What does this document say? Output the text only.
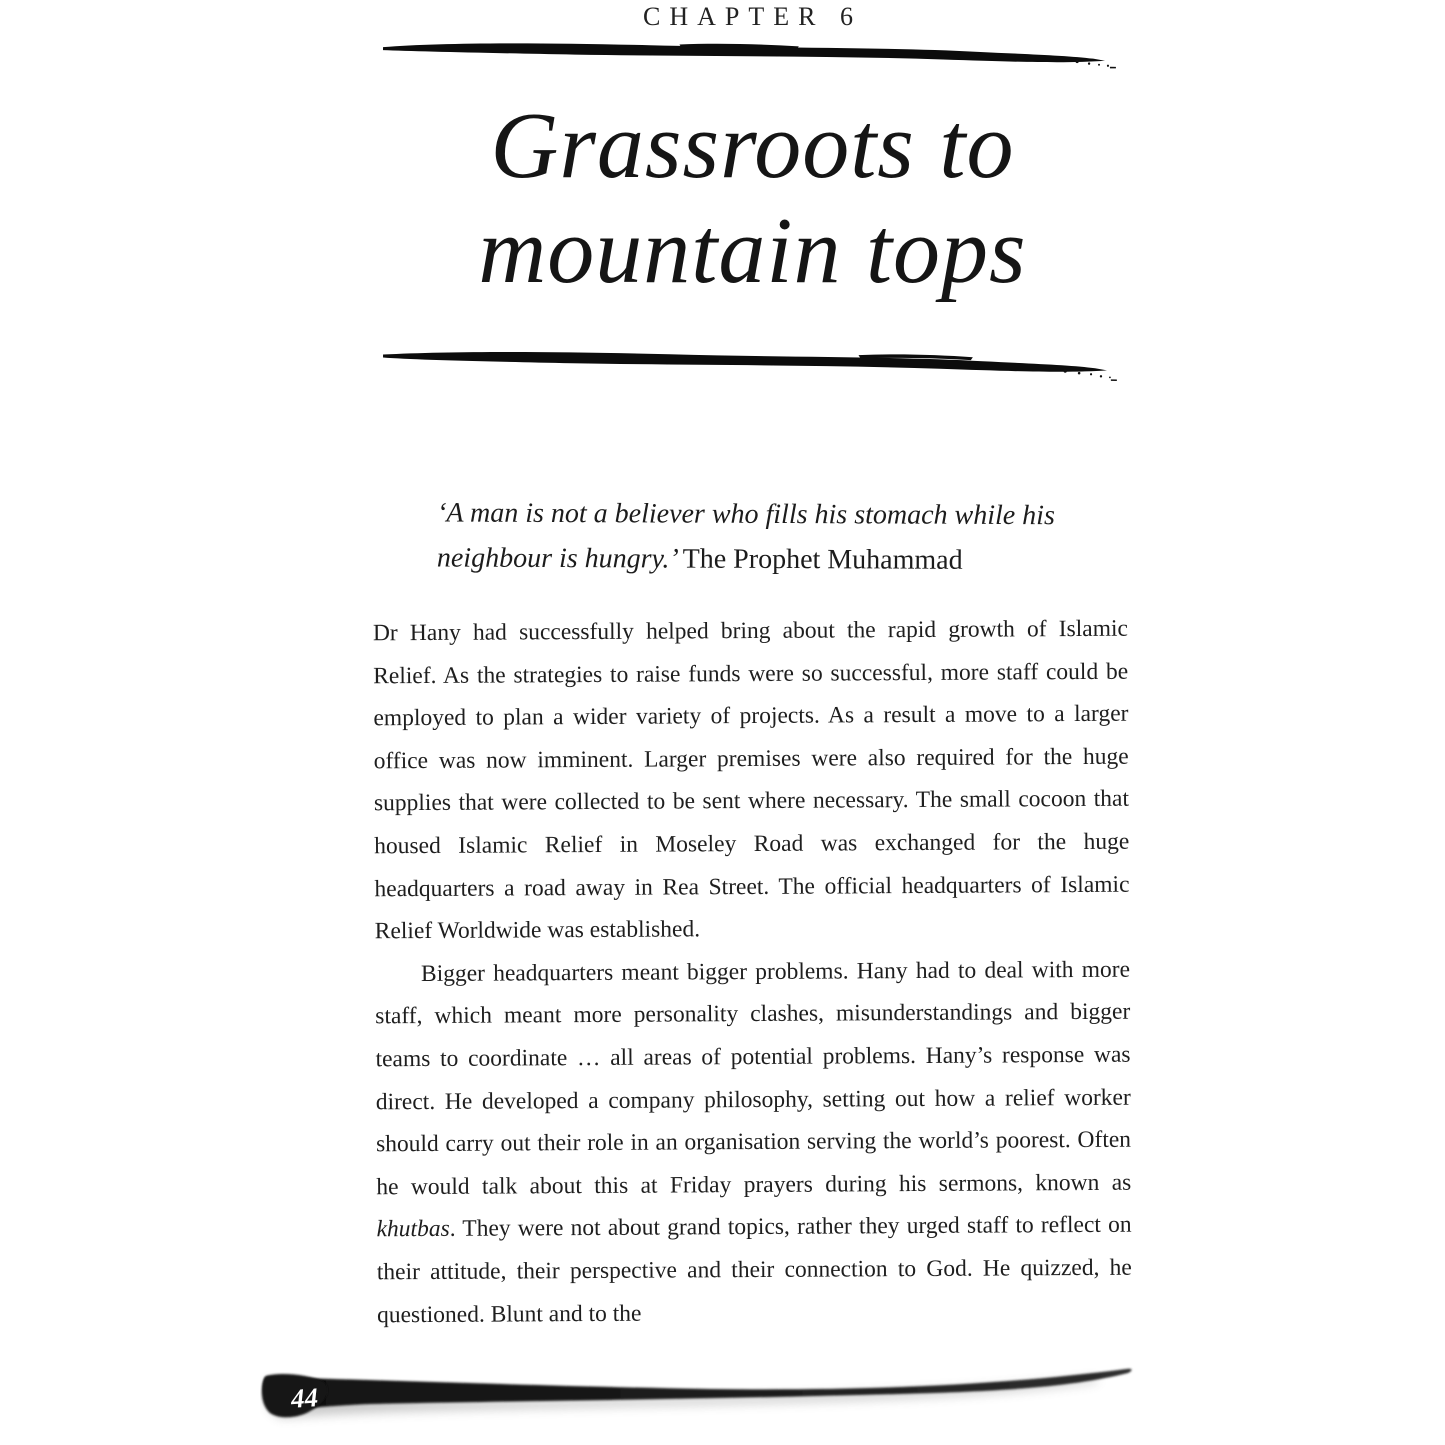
CHAPTER 6
Grassroots to
mountain tops
‘A man is not a believer who fills his stomach while his neighbour is hungry.’ The Prophet Muhammad

Dr Hany had successfully helped bring about the rapid growth of Islamic Relief. As the strategies to raise funds were so successful, more staff could be employed to plan a wider variety of projects. As a result a move to a larger office was now imminent. Larger premises were also required for the huge supplies that were collected to be sent where necessary. The small cocoon that housed Islamic Relief in Moseley Road was exchanged for the huge headquarters a road away in Rea Street. The official headquarters of Islamic Relief Worldwide was established.

Bigger headquarters meant bigger problems. Hany had to deal with more staff, which meant more personality clashes, misunderstandings and bigger teams to coordinate … all areas of potential problems. Hany’s response was direct. He developed a company philosophy, setting out how a relief worker should carry out their role in an organisation serving the world’s poorest. Often he would talk about this at Friday prayers during his sermons, known as khutbas. They were not about grand topics, rather they urged staff to reflect on their attitude, their perspective and their connection to God. He quizzed, he questioned. Blunt and to the

44
